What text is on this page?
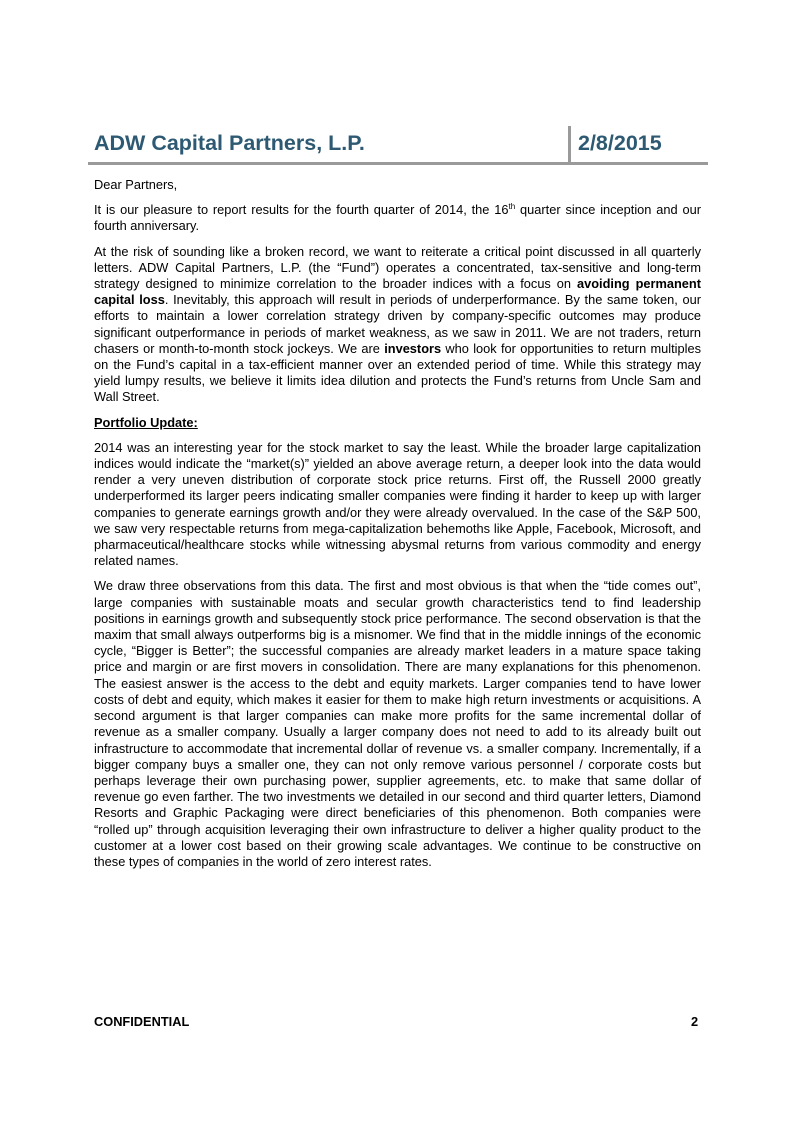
ADW Capital Partners, L.P.	2/8/2015

Dear Partners,

It is our pleasure to report results for the fourth quarter of 2014, the 16th quarter since inception and our fourth anniversary.

At the risk of sounding like a broken record, we want to reiterate a critical point discussed in all quarterly letters. ADW Capital Partners, L.P. (the “Fund”) operates a concentrated, tax-sensitive and long-term strategy designed to minimize correlation to the broader indices with a focus on avoiding permanent capital loss. Inevitably, this approach will result in periods of underperformance. By the same token, our efforts to maintain a lower correlation strategy driven by company-specific outcomes may produce significant outperformance in periods of market weakness, as we saw in 2011. We are not traders, return chasers or month-to-month stock jockeys. We are investors who look for opportunities to return multiples on the Fund’s capital in a tax-efficient manner over an extended period of time. While this strategy may yield lumpy results, we believe it limits idea dilution and protects the Fund’s returns from Uncle Sam and Wall Street.

Portfolio Update:

2014 was an interesting year for the stock market to say the least. While the broader large capitalization indices would indicate the “market(s)” yielded an above average return, a deeper look into the data would render a very uneven distribution of corporate stock price returns. First off, the Russell 2000 greatly underperformed its larger peers indicating smaller companies were finding it harder to keep up with larger companies to generate earnings growth and/or they were already overvalued. In the case of the S&P 500, we saw very respectable returns from mega-capitalization behemoths like Apple, Facebook, Microsoft, and pharmaceutical/healthcare stocks while witnessing abysmal returns from various commodity and energy related names.

We draw three observations from this data. The first and most obvious is that when the “tide comes out”, large companies with sustainable moats and secular growth characteristics tend to find leadership positions in earnings growth and subsequently stock price performance. The second observation is that the maxim that small always outperforms big is a misnomer. We find that in the middle innings of the economic cycle, “Bigger is Better”; the successful companies are already market leaders in a mature space taking price and margin or are first movers in consolidation. There are many explanations for this phenomenon. The easiest answer is the access to the debt and equity markets. Larger companies tend to have lower costs of debt and equity, which makes it easier for them to make high return investments or acquisitions. A second argument is that larger companies can make more profits for the same incremental dollar of revenue as a smaller company. Usually a larger company does not need to add to its already built out infrastructure to accommodate that incremental dollar of revenue vs. a smaller company. Incrementally, if a bigger company buys a smaller one, they can not only remove various personnel / corporate costs but perhaps leverage their own purchasing power, supplier agreements, etc. to make that same dollar of revenue go even farther. The two investments we detailed in our second and third quarter letters, Diamond Resorts and Graphic Packaging were direct beneficiaries of this phenomenon. Both companies were “rolled up” through acquisition leveraging their own infrastructure to deliver a higher quality product to the customer at a lower cost based on their growing scale advantages. We continue to be constructive on these types of companies in the world of zero interest rates.

CONFIDENTIAL	2
